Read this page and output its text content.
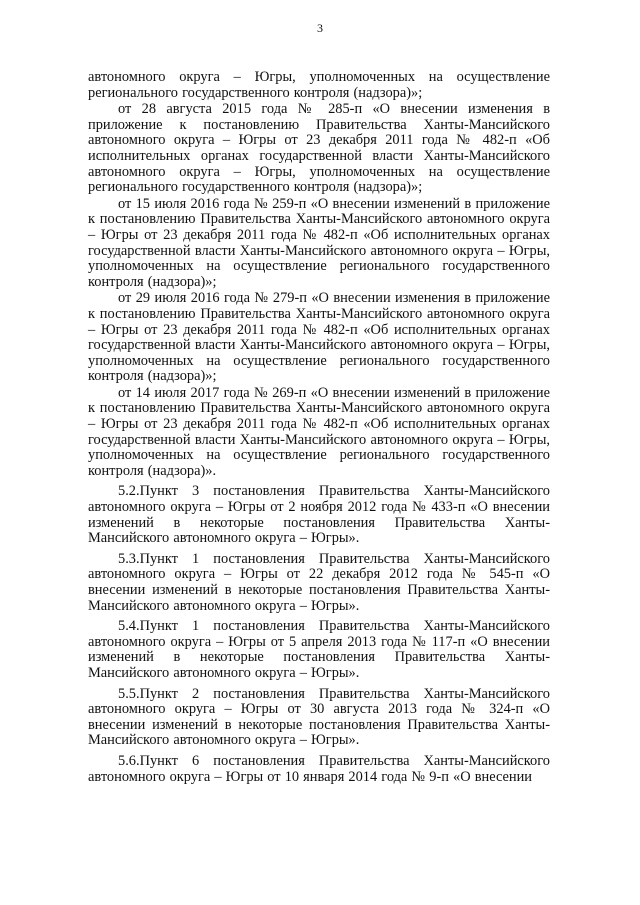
3

автономного округа – Югры, уполномоченных на осуществление регионального государственного контроля (надзора)»;

от 28 августа 2015 года № 285-п «О внесении изменения в приложение к постановлению Правительства Ханты-Мансийского автономного округа – Югры от 23 декабря 2011 года № 482-п «Об исполнительных органах государственной власти Ханты-Мансийского автономного округа – Югры, уполномоченных на осуществление регионального государственного контроля (надзора)»;

от 15 июля 2016 года № 259-п «О внесении изменений в приложение к постановлению Правительства Ханты-Мансийского автономного округа – Югры от 23 декабря 2011 года № 482-п «Об исполнительных органах государственной власти Ханты-Мансийского автономного округа – Югры, уполномоченных на осуществление регионального государственного контроля (надзора)»;

от 29 июля 2016 года № 279-п «О внесении изменения в приложение к постановлению Правительства Ханты-Мансийского автономного округа – Югры от 23 декабря 2011 года № 482-п «Об исполнительных органах государственной власти Ханты-Мансийского автономного округа – Югры, уполномоченных на осуществление регионального государственного контроля (надзора)»;

от 14 июля 2017 года № 269-п «О внесении изменений в приложение к постановлению Правительства Ханты-Мансийского автономного округа – Югры от 23 декабря 2011 года № 482-п «Об исполнительных органах государственной власти Ханты-Мансийского автономного округа – Югры, уполномоченных на осуществление регионального государственного контроля (надзора)».

5.2.Пункт 3 постановления Правительства Ханты-Мансийского автономного округа – Югры от 2 ноября 2012 года № 433-п «О внесении изменений в некоторые постановления Правительства Ханты-Мансийского автономного округа – Югры».

5.3.Пункт 1 постановления Правительства Ханты-Мансийского автономного округа – Югры от 22 декабря 2012 года № 545-п «О внесении изменений в некоторые постановления Правительства Ханты-Мансийского автономного округа – Югры».

5.4.Пункт 1 постановления Правительства Ханты-Мансийского автономного округа – Югры от 5 апреля 2013 года № 117-п «О внесении изменений в некоторые постановления Правительства Ханты-Мансийского автономного округа – Югры».

5.5.Пункт 2 постановления Правительства Ханты-Мансийского автономного округа – Югры от 30 августа 2013 года № 324-п «О внесении изменений в некоторые постановления Правительства Ханты-Мансийского автономного округа – Югры».

5.6.Пункт 6 постановления Правительства Ханты-Мансийского автономного округа – Югры от 10 января 2014 года № 9-п «О внесении
